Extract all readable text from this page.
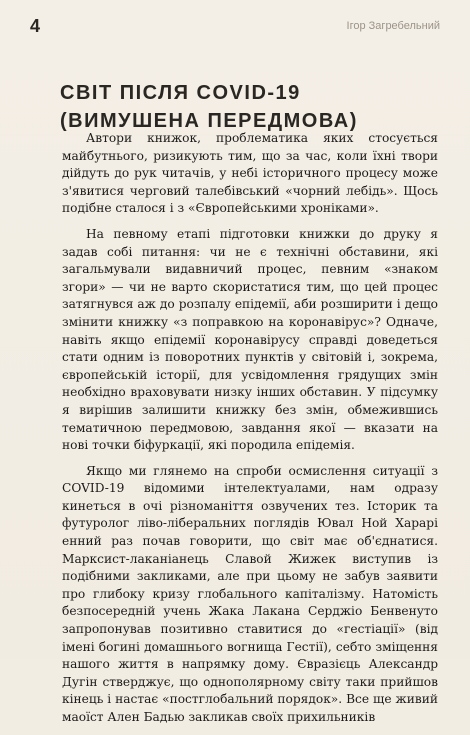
4	Ігор Загребельний
СВІТ ПІСЛЯ COVID-19
(ВИМУШЕНА ПЕРЕДМОВА)

Автори книжок, проблематика яких стосується майбутнього, ризикують тим, що за час, коли їхні твори дійдуть до рук читачів, у небі історичного процесу може з'явитися черговий талебівський «чорний лебідь». Щось подібне сталося і з «Європейськими хроніками».

На певному етапі підготовки книжки до друку я задав собі питання: чи не є технічні обставини, які загальмували видавничий процес, певним «знаком згори» — чи не варто скористатися тим, що цей процес затягнувся аж до розпалу епідемії, аби розширити і дещо змінити книжку «з поправкою на коронавірус»? Одначе, навіть якщо епідемії коронавірусу справді доведеться стати одним із поворотних пунктів у світовій і, зокрема, європейській історії, для усвідомлення грядущих змін необхідно враховувати низку інших обставин. У підсумку я вирішив залишити книжку без змін, обмежившись тематичною передмовою, завдання якої — вказати на нові точки біфуркації, які породила епідемія.

Якщо ми глянемо на спроби осмислення ситуації з COVID-19 відомими інтелектуалами, нам одразу кинеться в очі різноманіття озвучених тез. Історик та футуролог ліво-ліберальних поглядів Ювал Ной Харарі енний раз почав говорити, що світ має об'єднатися. Марксист-лаканіанець Славой Жижек виступив із подібними закликами, але при цьому не забув заявити про глибоку кризу глобального капіталізму. Натомість безпосередній учень Жака Лакана Серджіо Бенвенуто запропонував позитивно ставитися до «гестіації» (від імені богині домашнього вогнища Гестії), себто зміщення нашого життя в напрямку дому. Євразієць Александр Дугін стверджує, що однополярному світу таки прийшов кінець і настає «постглобальний порядок». Все ще живий маоїст Ален Бадью закликав своїх прихильників
